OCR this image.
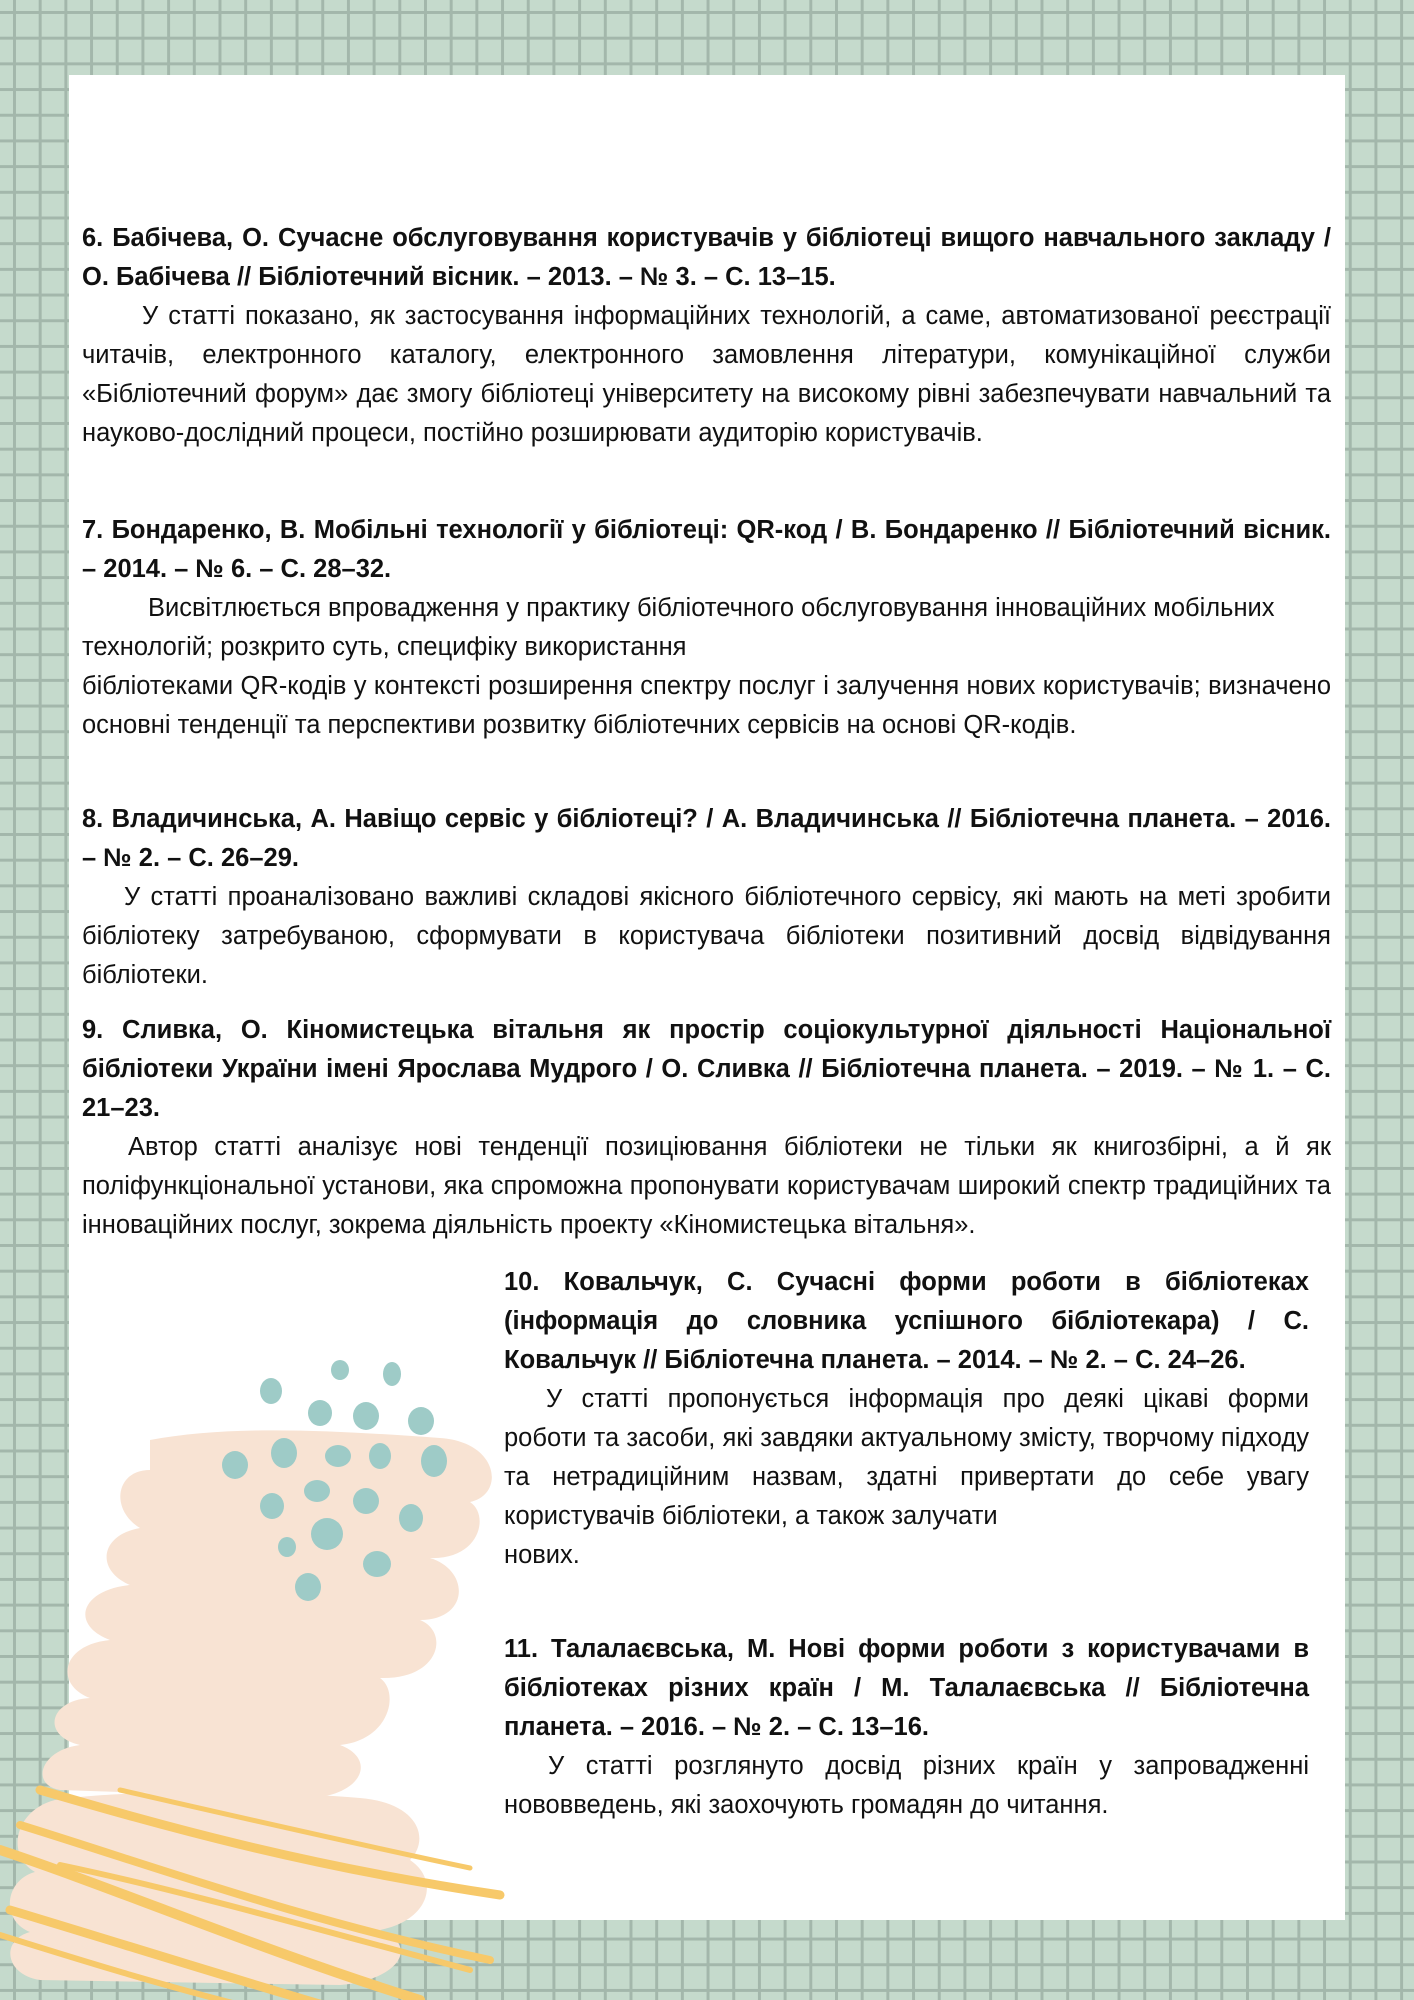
6. Бабічева, О. Сучасне обслуговування користувачів у бібліотеці вищого навчального закладу / О. Бабічева // Бібліотечний вісник. – 2013. – № 3. – С. 13–15.

У статті показано, як застосування інформаційних технологій, а саме, автоматизованої реєстрації читачів, електронного каталогу, електронного замовлення літератури, комунікаційної служби «Бібліотечний форум» дає змогу бібліотеці університету на високому рівні забезпечувати навчальний та науково-дослідний процеси, постійно розширювати аудиторію користувачів.

7. Бондаренко, В. Мобільні технології у бібліотеці: QR-код / В. Бондаренко // Бібліотечний вісник. – 2014. – № 6. – С. 28–32.

Висвітлюється впровадження у практику бібліотечного обслуговування інноваційних мобільних технологій; розкрито суть, специфіку використання

бібліотеками QR-кодів у контексті розширення спектру послуг і залучення нових користувачів; визначено основні тенденції та перспективи розвитку бібліотечних сервісів на основі QR-кодів.

8. Владичинська, А. Навіщо сервіс у бібліотеці? / А. Владичинська // Бібліотечна планета. – 2016. – № 2. – С. 26–29.

У статті проаналізовано важливі складові якісного бібліотечного сервісу, які мають на меті зробити бібліотеку затребуваною, сформувати в користувача бібліотеки позитивний досвід відвідування бібліотеки.

9. Сливка, О. Кіномистецька вітальня як простір соціокультурної діяльності Національної бібліотеки України імені Ярослава Мудрого / О. Сливка // Бібліотечна планета. – 2019. – № 1. – С. 21–23.

Автор статті аналізує нові тенденції позиціювання бібліотеки не тільки як книгозбірні, а й як поліфункціональної установи, яка спроможна пропонувати користувачам широкий спектр традиційних та інноваційних послуг, зокрема діяльність проекту «Кіномистецька вітальня».

10. Ковальчук, С. Сучасні форми роботи в бібліотеках (інформація до словника успішного бібліотекара) / С. Ковальчук // Бібліотечна планета. – 2014. – № 2. – С. 24–26.

У статті пропонується інформація про деякі цікаві форми роботи та засоби, які завдяки актуальному змісту, творчому підходу та нетрадиційним назвам, здатні привертати до себе увагу користувачів бібліотеки, а також залучати

нових.

11. Талалаєвська, М. Нові форми роботи з користувачами в бібліотеках різних країн / М. Талалаєвська // Бібліотечна планета. – 2016. – № 2. – С. 13–16.

У статті розглянуто досвід різних країн у запровадженні нововведень, які заохочують громадян до читання.
